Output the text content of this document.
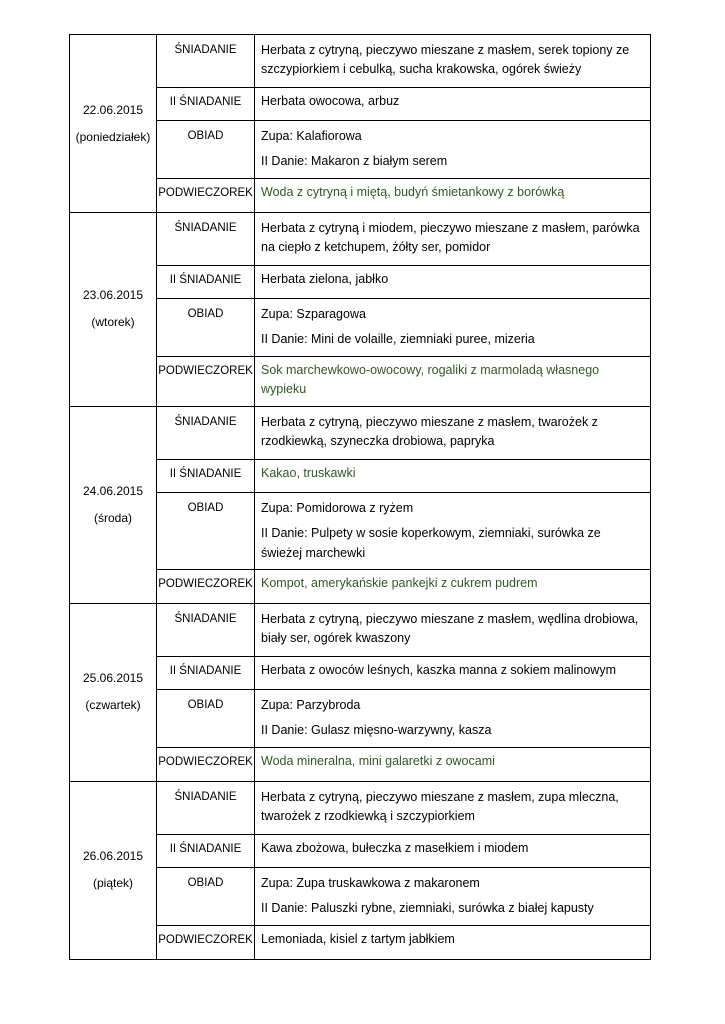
22.06.2015
(poniedziałek)	ŚNIADANIE	Herbata z cytryną, pieczywo mieszane z masłem, serek topiony ze szczypiorkiem i cebulką, sucha krakowska, ogórek świeży

	II ŚNIADANIE	Herbata owocowa, arbuz

	OBIAD	Zupa: Kalafiorowa
II Danie: Makaron z białym serem

	PODWIECZOREK	Woda z cytryną i miętą, budyń śmietankowy z borówką

23.06.2015
(wtorek)	ŚNIADANIE	Herbata z cytryną i miodem, pieczywo mieszane z masłem, parówka na ciepło z ketchupem, żółty ser, pomidor

	II ŚNIADANIE	Herbata zielona, jabłko

	OBIAD	Zupa: Szparagowa
II Danie: Mini de volaille, ziemniaki puree, mizeria

	PODWIECZOREK	Sok marchewkowo-owocowy, rogaliki z marmoladą własnego wypieku

24.06.2015
(środa)	ŚNIADANIE	Herbata z cytryną, pieczywo mieszane z masłem, twarożek z rzodkiewką, szyneczka drobiowa, papryka

	II ŚNIADANIE	Kakao, truskawki

	OBIAD	Zupa: Pomidorowa z ryżem
II Danie: Pulpety w sosie koperkowym, ziemniaki, surówka ze świeżej marchewki

	PODWIECZOREK	Kompot, amerykańskie pankejki z cukrem pudrem

25.06.2015
(czwartek)	ŚNIADANIE	Herbata z cytryną, pieczywo mieszane z masłem, wędlina drobiowa, biały ser, ogórek kwaszony

	II ŚNIADANIE	Herbata z owoców leśnych, kaszka manna z sokiem malinowym

	OBIAD	Zupa: Parzybroda
II Danie: Gulasz mięsno-warzywny, kasza

	PODWIECZOREK	Woda mineralna, mini galaretki z owocami

26.06.2015
(piątek)	ŚNIADANIE	Herbata z cytryną, pieczywo mieszane z masłem, zupa mleczna, twarożek z rzodkiewką i szczypiorkiem

	II ŚNIADANIE	Kawa zbożowa, bułeczka z masełkiem i miodem

	OBIAD	Zupa: Zupa truskawkowa z makaronem
II Danie: Paluszki rybne, ziemniaki, surówka z białej kapusty

	PODWIECZOREK	Lemoniada, kisiel z tartym jabłkiem
